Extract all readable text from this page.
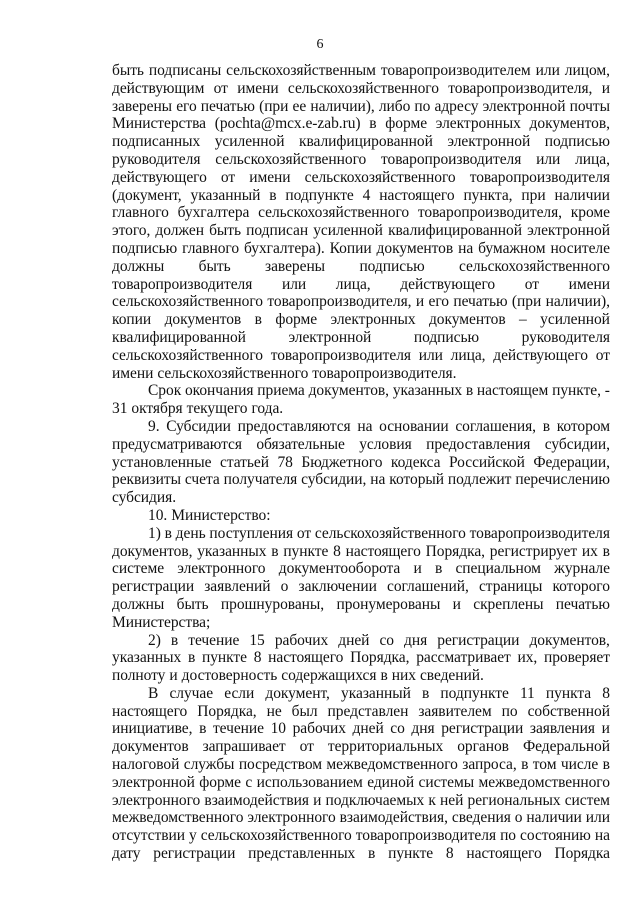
6
быть подписаны сельскохозяйственным товаропроизводителем или лицом,
действующим от имени сельскохозяйственного товаропроизводителя, и
заверены его печатью (при ее наличии), либо по адресу электронной почты
Министерства (pochta@mcx.e-zab.ru) в форме электронных документов,
подписанных усиленной квалифицированной электронной подписью
руководителя сельскохозяйственного товаропроизводителя или лица,
действующего от имени сельскохозяйственного товаропроизводителя
(документ, указанный в подпункте 4 настоящего пункта, при наличии
главного бухгалтера сельскохозяйственного товаропроизводителя, кроме
этого, должен быть подписан усиленной квалифицированной электронной
подписью главного бухгалтера). Копии документов на бумажном носителе
должны быть заверены подписью сельскохозяйственного
товаропроизводителя или лица, действующего от имени
сельскохозяйственного товаропроизводителя, и его печатью (при наличии),
копии документов в форме электронных документов – усиленной
квалифицированной	электронной	подписью	руководителя
сельскохозяйственного товаропроизводителя или лица, действующего от
имени сельскохозяйственного товаропроизводителя.
Срок окончания приема документов, указанных в настоящем пункте, -
31 октября текущего года.
9. Субсидии предоставляются на основании соглашения, в котором
предусматриваются обязательные условия предоставления субсидии,
установленные статьей 78 Бюджетного кодекса Российской Федерации,
реквизиты счета получателя субсидии, на который подлежит перечислению
субсидия.
10. Министерство:
1) в день поступления от сельскохозяйственного товаропроизводителя
документов, указанных в пункте 8 настоящего Порядка, регистрирует их в
системе электронного документооборота и в специальном журнале
регистрации заявлений о заключении соглашений, страницы которого
должны быть прошнурованы, пронумерованы и скреплены печатью
Министерства;
2) в течение 15 рабочих дней со дня регистрации документов,
указанных в пункте 8 настоящего Порядка, рассматривает их, проверяет
полноту и достоверность содержащихся в них сведений.
В случае если документ, указанный в подпункте 11 пункта 8
настоящего Порядка, не был представлен заявителем по собственной
инициативе, в течение 10 рабочих дней со дня регистрации заявления и
документов запрашивает от территориальных органов Федеральной
налоговой службы посредством межведомственного запроса, в том числе в
электронной форме с использованием единой системы межведомственного
электронного взаимодействия и подключаемых к ней региональных систем
межведомственного электронного взаимодействия, сведения о наличии или
отсутствии у сельскохозяйственного товаропроизводителя по состоянию на
дату регистрации представленных в пункте 8 настоящего Порядка
